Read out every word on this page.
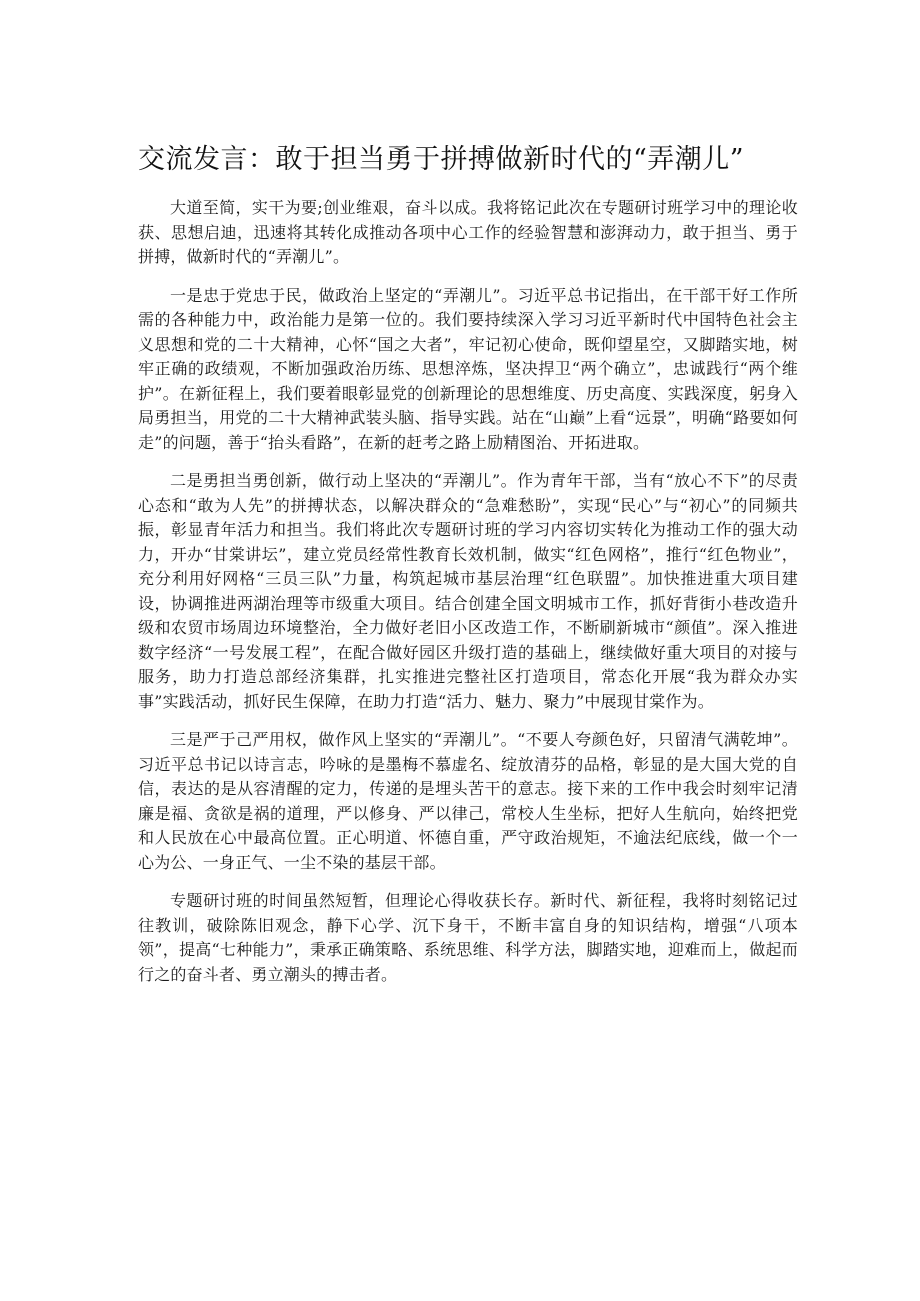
交流发言：敢于担当勇于拼搏做新时代的“弄潮儿”

大道至简，实干为要;创业维艰，奋斗以成。我将铭记此次在专题研讨班学习中的理论收获、思想启迪，迅速将其转化成推动各项中心工作的经验智慧和澎湃动力，敢于担当、勇于拼搏，做新时代的“弄潮儿”。

一是忠于党忠于民，做政治上坚定的“弄潮儿”。习近平总书记指出，在干部干好工作所需的各种能力中，政治能力是第一位的。我们要持续深入学习习近平新时代中国特色社会主义思想和党的二十大精神，心怀“国之大者”，牢记初心使命，既仰望星空，又脚踏实地，树牢正确的政绩观，不断加强政治历练、思想淬炼，坚决捍卫“两个确立”，忠诚践行“两个维护”。在新征程上，我们要着眼彰显党的创新理论的思想维度、历史高度、实践深度，躬身入局勇担当，用党的二十大精神武装头脑、指导实践。站在“山巅”上看“远景”，明确“路要如何走”的问题，善于“抬头看路”，在新的赶考之路上励精图治、开拓进取。

二是勇担当勇创新，做行动上坚决的“弄潮儿”。作为青年干部，当有“放心不下”的尽责心态和“敢为人先”的拼搏状态，以解决群众的“急难愁盼”，实现“民心”与“初心”的同频共振，彰显青年活力和担当。我们将此次专题研讨班的学习内容切实转化为推动工作的强大动力，开办“甘棠讲坛”，建立党员经常性教育长效机制，做实“红色网格”，推行“红色物业”，充分利用好网格“三员三队”力量，构筑起城市基层治理“红色联盟”。加快推进重大项目建设，协调推进两湖治理等市级重大项目。结合创建全国文明城市工作，抓好背街小巷改造升级和农贸市场周边环境整治，全力做好老旧小区改造工作，不断刷新城市“颜值”。深入推进数字经济“一号发展工程”，在配合做好园区升级打造的基础上，继续做好重大项目的对接与服务，助力打造总部经济集群，扎实推进完整社区打造项目，常态化开展“我为群众办实事”实践活动，抓好民生保障，在助力打造“活力、魅力、聚力”中展现甘棠作为。

三是严于己严用权，做作风上坚实的“弄潮儿”。“不要人夸颜色好，只留清气满乾坤”。习近平总书记以诗言志，吟咏的是墨梅不慕虚名、绽放清芬的品格，彰显的是大国大党的自信，表达的是从容清醒的定力，传递的是埋头苦干的意志。接下来的工作中我会时刻牢记清廉是福、贪欲是祸的道理，严以修身、严以律己，常校人生坐标，把好人生航向，始终把党和人民放在心中最高位置。正心明道、怀德自重，严守政治规矩，不逾法纪底线，做一个一心为公、一身正气、一尘不染的基层干部。

专题研讨班的时间虽然短暂，但理论心得收获长存。新时代、新征程，我将时刻铭记过往教训，破除陈旧观念，静下心学、沉下身干，不断丰富自身的知识结构，增强“八项本领”，提高“七种能力”，秉承正确策略、系统思维、科学方法，脚踏实地，迎难而上，做起而行之的奋斗者、勇立潮头的搏击者。
